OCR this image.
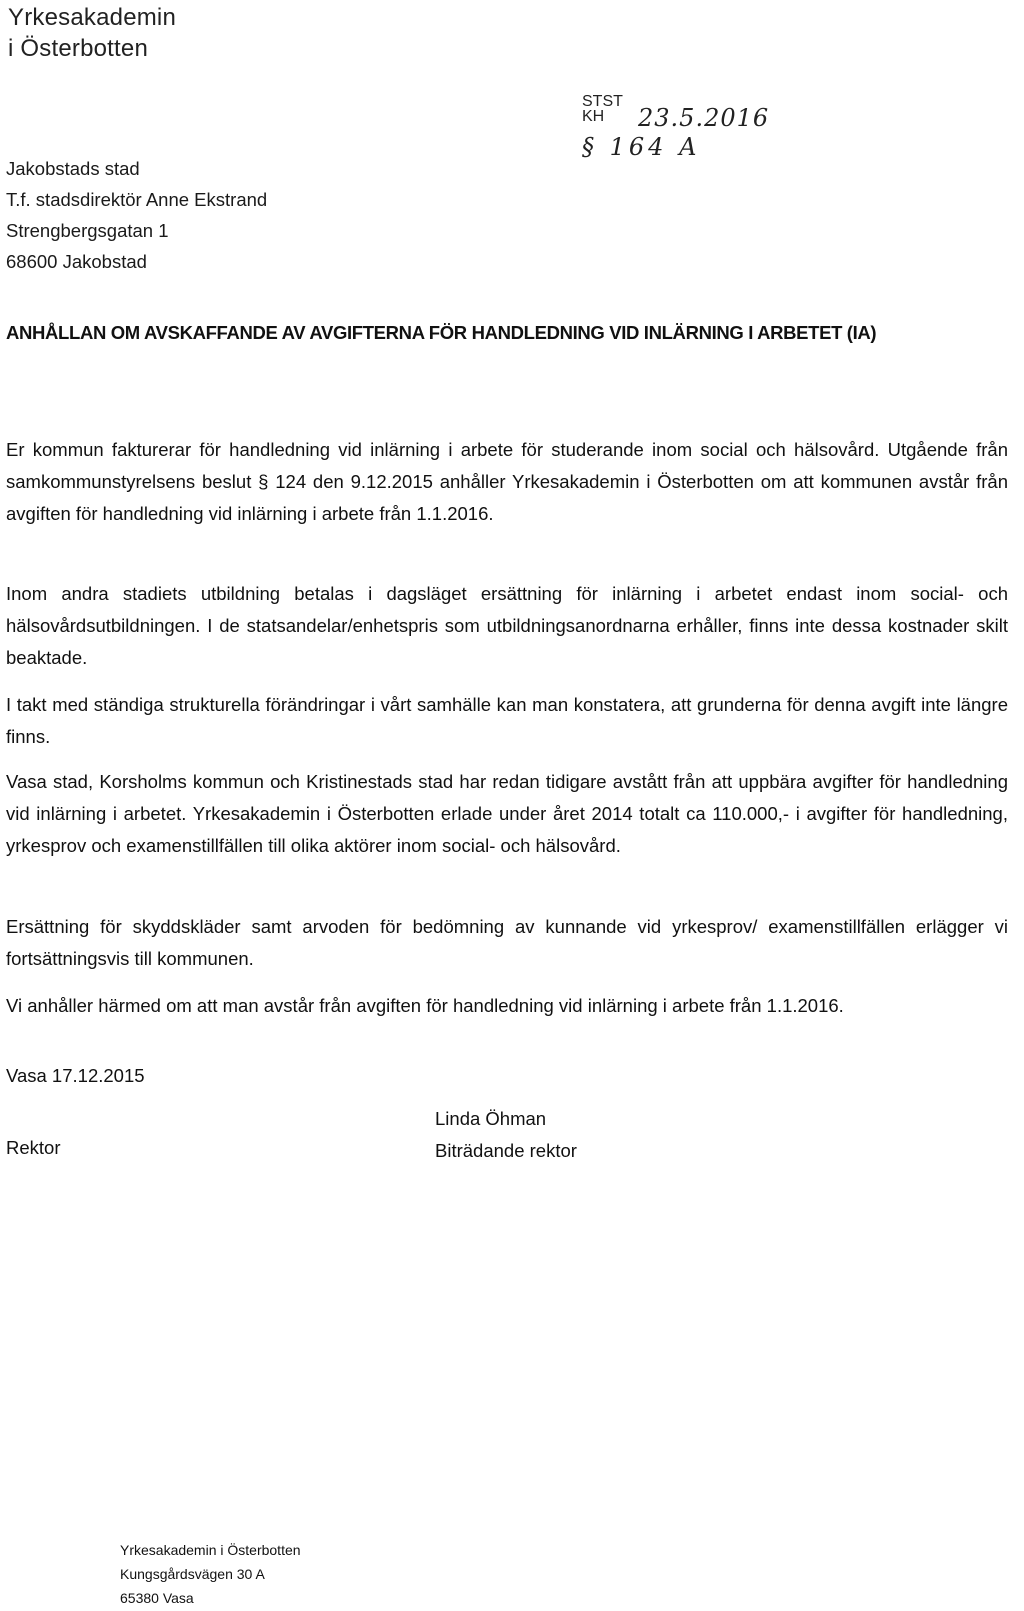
Yrkesakademin
i Österbotten
STST
KH	23.5.2016
§ 164 A
Jakobstads stad
T.f. stadsdirektör Anne Ekstrand
Strengbergsgatan 1
68600 Jakobstad
ANHÅLLAN OM AVSKAFFANDE AV AVGIFTERNA FÖR HANDLEDNING VID INLÄRNING I ARBETET (IA)

Er kommun fakturerar för handledning vid inlärning i arbete för studerande inom social och hälsovård. Utgående från samkommunstyrelsens beslut § 124 den 9.12.2015 anhåller Yrkesakademin i Österbotten om att kommunen avstår från avgiften för handledning vid inlärning i arbete från 1.1.2016.

Inom andra stadiets utbildning betalas i dagsläget ersättning för inlärning i arbetet endast inom social- och hälsovårdsutbildningen. I de statsandelar/enhetspris som utbildningsanordnarna erhåller, finns inte dessa kostnader skilt beaktade.

I takt med ständiga strukturella förändringar i vårt samhälle kan man konstatera, att grunderna för denna avgift inte längre finns.

Vasa stad, Korsholms kommun och Kristinestads stad har redan tidigare avstått från att uppbära avgifter för handledning vid inlärning i arbetet. Yrkesakademin i Österbotten erlade under året 2014 totalt ca 110.000,- i avgifter för handledning, yrkesprov och examenstillfällen till olika aktörer inom social- och hälsovård.

Ersättning för skyddskläder samt arvoden för bedömning av kunnande vid yrkesprov/ examenstillfällen erlägger vi fortsättningsvis till kommunen.

Vi anhåller härmed om att man avstår från avgiften för handledning vid inlärning i arbete från 1.1.2016.

Vasa 17.12.2015
Rektor
Linda Öhman
Biträdande rektor
Yrkesakademin i Österbotten
Kungsgårdsvägen 30 A
65380 Vasa
